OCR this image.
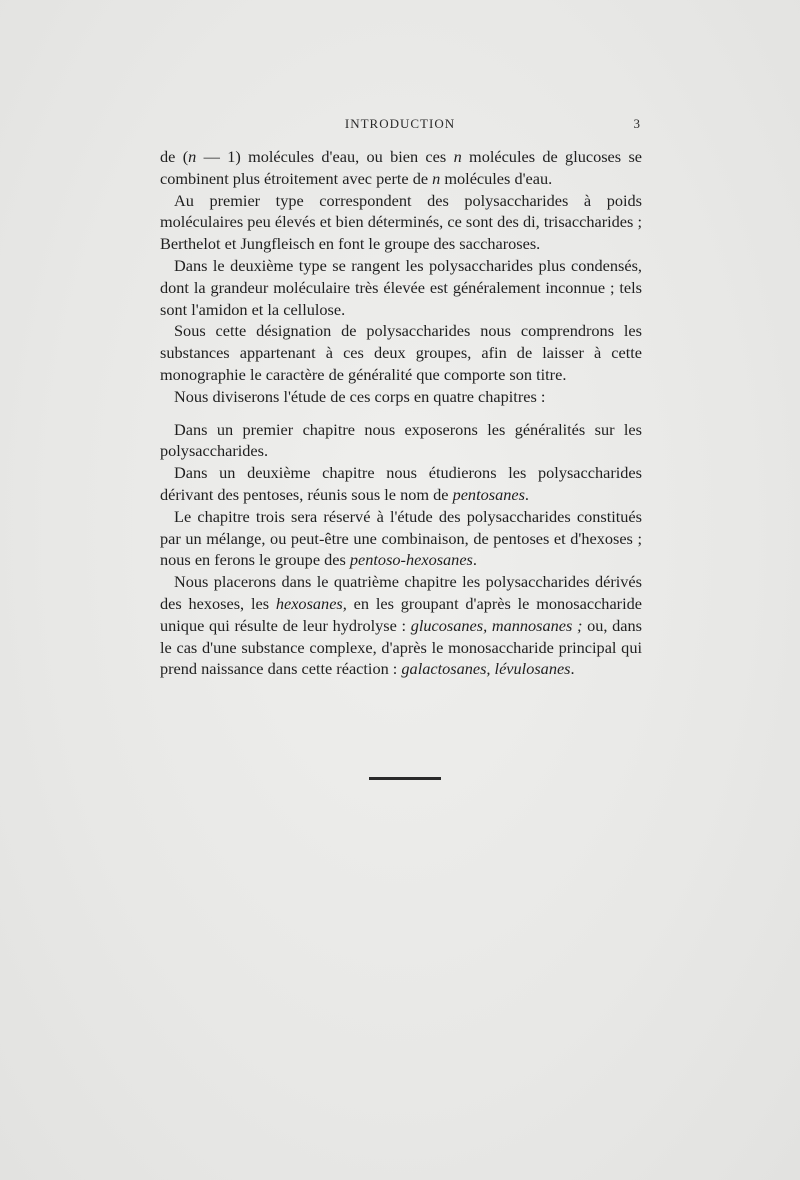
INTRODUCTION	3

de (n — 1) molécules d'eau, ou bien ces n molécules de glucoses se combinent plus étroitement avec perte de n molécules d'eau.

Au premier type correspondent des polysaccharides à poids moléculaires peu élevés et bien déterminés, ce sont des di, trisaccharides ; Berthelot et Jungfleisch en font le groupe des saccharoses.

Dans le deuxième type se rangent les polysaccharides plus condensés, dont la grandeur moléculaire très élevée est généralement inconnue ; tels sont l'amidon et la cellulose.

Sous cette désignation de polysaccharides nous comprendrons les substances appartenant à ces deux groupes, afin de laisser à cette monographie le caractère de généralité que comporte son titre.

Nous diviserons l'étude de ces corps en quatre chapitres :

Dans un premier chapitre nous exposerons les généralités sur les polysaccharides.

Dans un deuxième chapitre nous étudierons les polysaccharides dérivant des pentoses, réunis sous le nom de pentosanes.

Le chapitre trois sera réservé à l'étude des polysaccharides constitués par un mélange, ou peut-être une combinaison, de pentoses et d'hexoses ; nous en ferons le groupe des pentoso-hexosanes.

Nous placerons dans le quatrième chapitre les polysaccharides dérivés des hexoses, les hexosanes, en les groupant d'après le monosaccharide unique qui résulte de leur hydrolyse : glucosanes, mannosanes ; ou, dans le cas d'une substance complexe, d'après le monosaccharide principal qui prend naissance dans cette réaction : galactosanes, lévulosanes.
